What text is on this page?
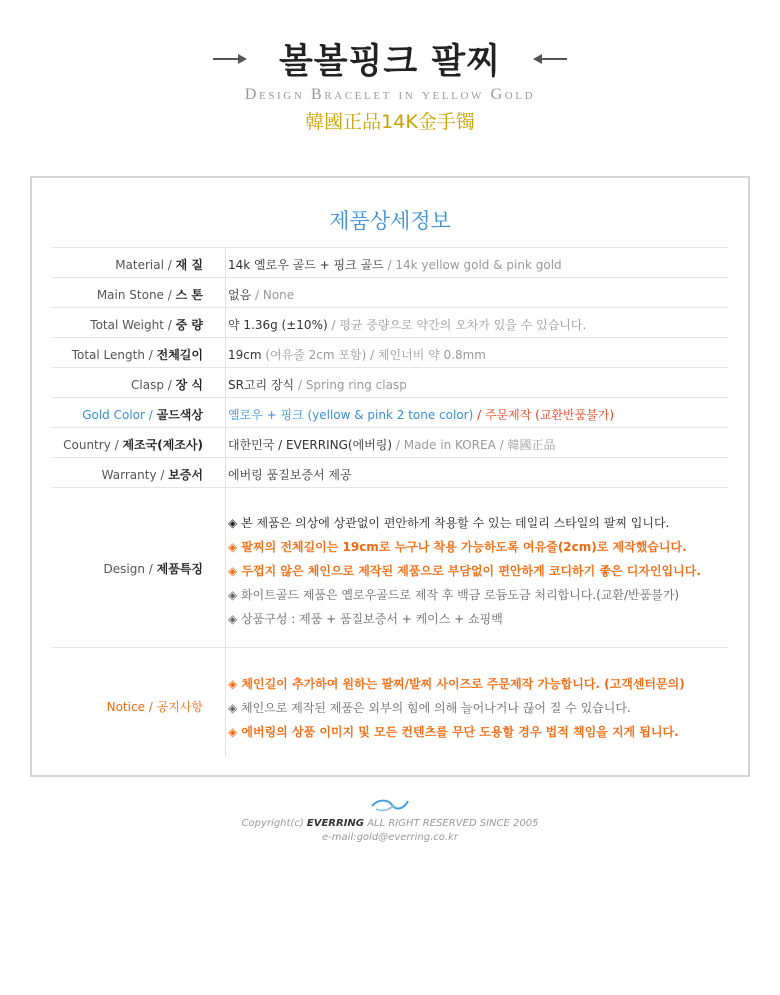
볼볼핑크 팔찌
Design Bracelet in yellow Gold
韓國正品14K金手镯
제품상세정보
Material / 재 질 14k 옐로우 골드 + 핑크 골드 / 14k yellow gold & pink gold
Main Stone / 스 톤 없음 / None
Total Weight / 중 량 약 1.36g (±10%) / 평균 중량으로 약간의 오차가 있을 수 있습니다.
Total Length / 전체길이 19cm (여유줄 2cm 포함) / 체인너비 약 0.8mm
Clasp / 장 식 SR고리 장식 / Spring ring clasp
Gold Color / 골드색상 옐로우 + 핑크 (yellow & pink 2 tone color) / 주문제작 (교환반품불가)
Country / 제조국(제조사) 대한민국 / EVERRING(에버링) / Made in KOREA / 韓國正品
Warranty / 보증서 에버링 품질보증서 제공
Design / 제품특징
◈ 본 제품은 의상에 상관없이 편안하게 착용할 수 있는 데일리 스타일의 팔찌 입니다.
◈ 팔찌의 전체길이는 19cm로 누구나 착용 가능하도록 여유줄(2cm)로 제작했습니다.
◈ 두껍지 않은 체인으로 제작된 제품으로 부담없이 편안하게 코디하기 좋은 디자인입니다.
◈ 화이트골드 제품은 옐로우골드로 제작 후 백금 로듐도금 처리합니다.(교환/반품불가)
◈ 상품구성 : 제품 + 품질보증서 + 케이스 + 쇼핑백
Notice / 공지사항
◈ 체인길이 추가하여 원하는 팔찌/발찌 사이즈로 주문제작 가능합니다. (고객센터문의)
◈ 체인으로 제작된 제품은 외부의 힘에 의해 늘어나거나 끊어 질 수 있습니다.
◈ 에버링의 상품 이미지 및 모든 컨텐츠를 무단 도용할 경우 법적 책임을 지게 됩니다.
Copyright(c) EVERRING ALL RIGHT RESERVED SINCE 2005
e-mail:gold@everring.co.kr
